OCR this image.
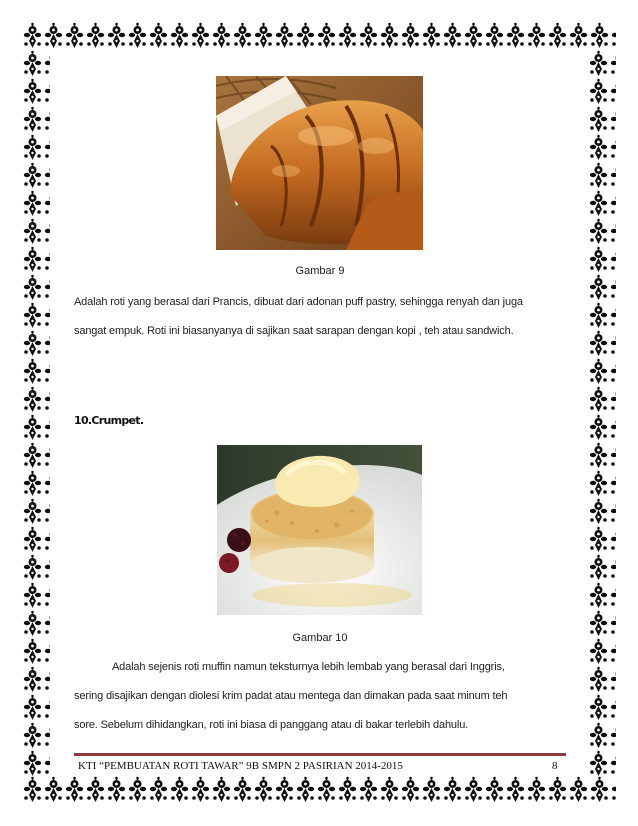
Gambar 9

Adalah roti yang berasal dari Prancis, dibuat dari adonan puff pastry, sehingga renyah dan juga
sangat empuk. Roti ini biasanyanya di sajikan saat sarapan dengan kopi , teh atau sandwich.

10.Crumpet.
Gambar 10

Adalah sejenis roti muffin namun teksturnya lebih lembab yang berasal dari Inggris,
sering disajikan dengan diolesi krim padat atau mentega dan dimakan pada saat minum teh
sore. Sebelum dihidangkan, roti ini biasa di panggang atau di bakar terlebih dahulu.

KTI “PEMBUATAN ROTI TAWAR” 9B SMPN 2 PASIRIAN 2014-2015	8
